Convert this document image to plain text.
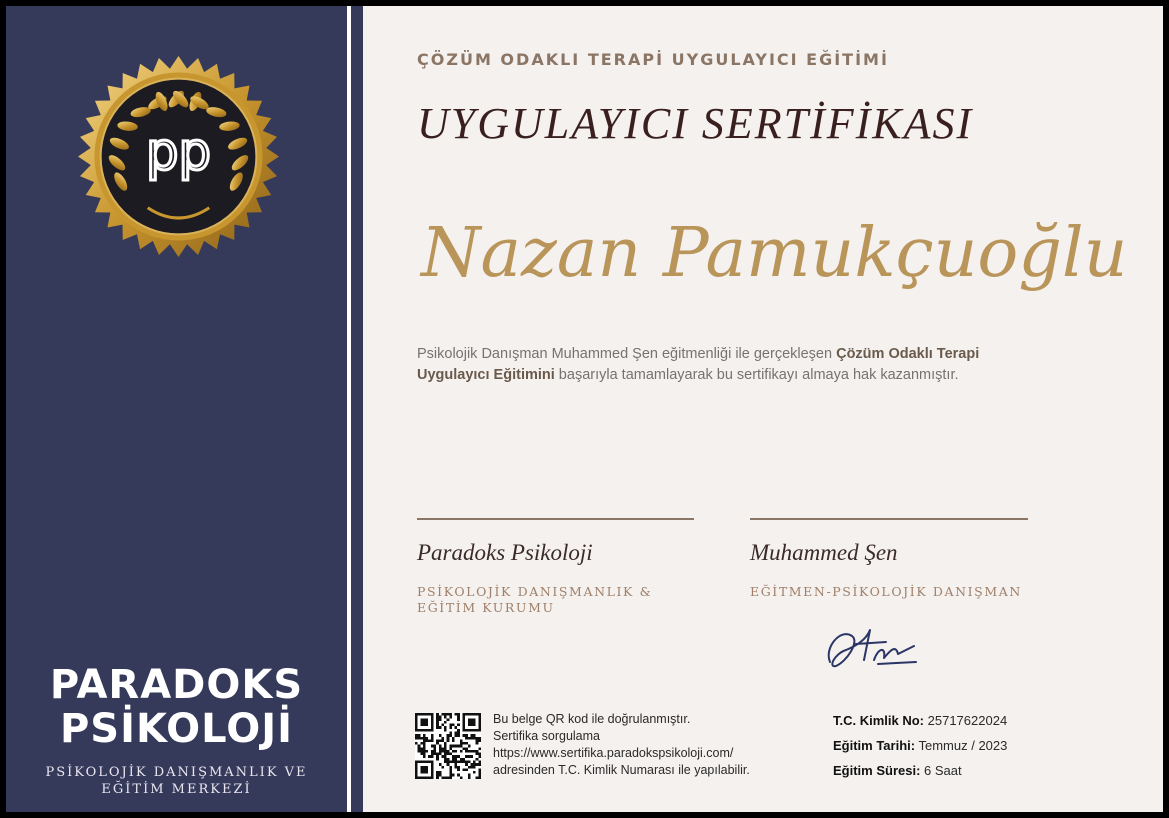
pp
PARADOKS
PSİKOLOJİ
PSİKOLOJİK DANIŞMANLIK VE
EĞİTİM MERKEZİ
ÇÖZÜM ODAKLI TERAPİ UYGULAYICI EĞİTİMİ
UYGULAYICI SERTİFİKASI
Nazan Pamukçuoğlu
Psikolojik Danışman Muhammed Şen eğitmenliği ile gerçekleşen Çözüm Odaklı Terapi Uygulayıcı Eğitimini başarıyla tamamlayarak bu sertifikayı almaya hak kazanmıştır.
Paradoks Psikoloji	Muhammed Şen
PSİKOLOJİK DANIŞMANLIK &
EĞİTİM KURUMU
EĞİTMEN-PSİKOLOJİK DANIŞMAN
Bu belge QR kod ile doğrulanmıştır.
Sertifika sorgulama
https://www.sertifika.paradokspsikoloji.com/
adresinden T.C. Kimlik Numarası ile yapılabilir.
T.C. Kimlik No: 25717622024
Eğitim Tarihi: Temmuz / 2023
Eğitim Süresi: 6 Saat
